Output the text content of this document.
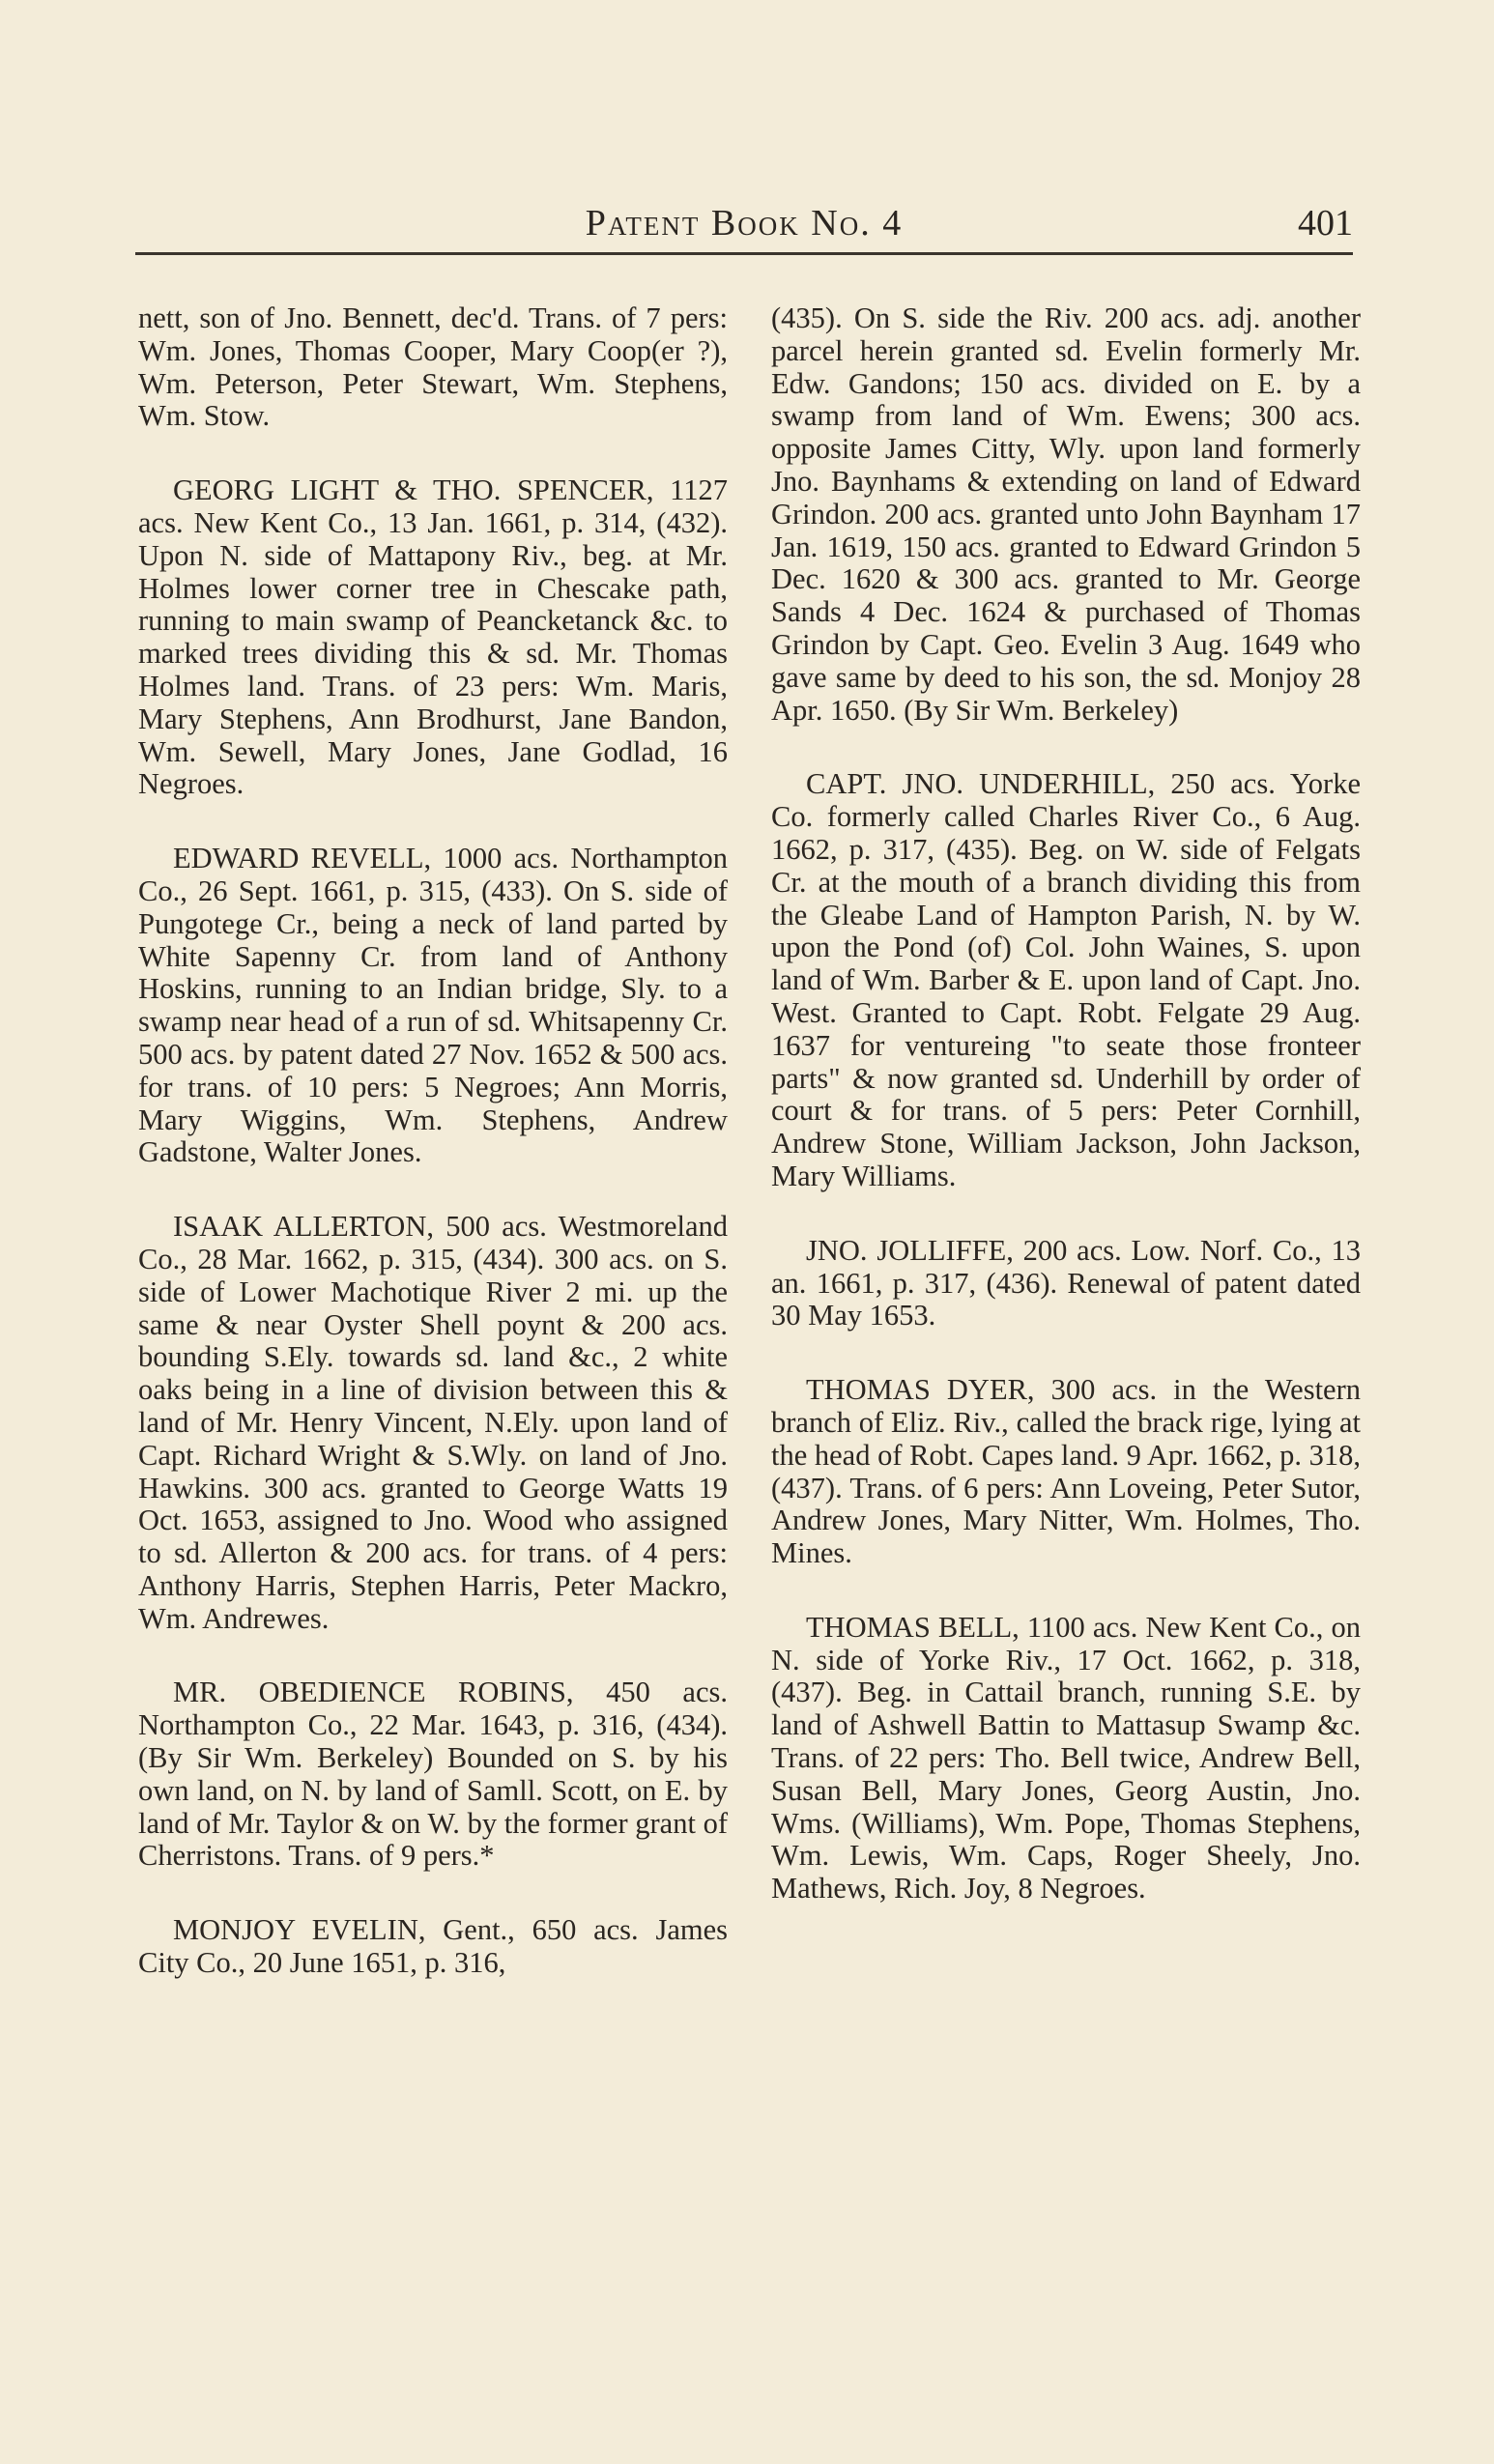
Patent Book No. 4	401

nett, son of Jno. Bennett, dec'd. Trans. of 7 pers: Wm. Jones, Thomas Cooper, Mary Coop(er ?), Wm. Peterson, Peter Stewart, Wm. Stephens, Wm. Stow.

GEORG LIGHT & THO. SPENCER, 1127 acs. New Kent Co., 13 Jan. 1661, p. 314, (432). Upon N. side of Mattapony Riv., beg. at Mr. Holmes lower corner tree in Chescake path, running to main swamp of Peancketanck &c. to marked trees dividing this & sd. Mr. Thomas Holmes land. Trans. of 23 pers: Wm. Maris, Mary Stephens, Ann Brodhurst, Jane Bandon, Wm. Sewell, Mary Jones, Jane Godlad, 16 Negroes.

EDWARD REVELL, 1000 acs. Northampton Co., 26 Sept. 1661, p. 315, (433). On S. side of Pungotege Cr., being a neck of land parted by White Sapenny Cr. from land of Anthony Hoskins, running to an Indian bridge, Sly. to a swamp near head of a run of sd. Whitsapenny Cr. 500 acs. by patent dated 27 Nov. 1652 & 500 acs. for trans. of 10 pers: 5 Negroes; Ann Morris, Mary Wiggins, Wm. Stephens, Andrew Gadstone, Walter Jones.

ISAAK ALLERTON, 500 acs. Westmoreland Co., 28 Mar. 1662, p. 315, (434). 300 acs. on S. side of Lower Machotique River 2 mi. up the same & near Oyster Shell poynt & 200 acs. bounding S.Ely. towards sd. land &c., 2 white oaks being in a line of division between this & land of Mr. Henry Vincent, N.Ely. upon land of Capt. Richard Wright & S.Wly. on land of Jno. Hawkins. 300 acs. granted to George Watts 19 Oct. 1653, assigned to Jno. Wood who assigned to sd. Allerton & 200 acs. for trans. of 4 pers: Anthony Harris, Stephen Harris, Peter Mackro, Wm. Andrewes.

MR. OBEDIENCE ROBINS, 450 acs. Northampton Co., 22 Mar. 1643, p. 316, (434). (By Sir Wm. Berkeley) Bounded on S. by his own land, on N. by land of Samll. Scott, on E. by land of Mr. Taylor & on W. by the former grant of Cherristons. Trans. of 9 pers.*

MONJOY EVELIN, Gent., 650 acs. James City Co., 20 June 1651, p. 316,

(435). On S. side the Riv. 200 acs. adj. another parcel herein granted sd. Evelin formerly Mr. Edw. Gandons; 150 acs. divided on E. by a swamp from land of Wm. Ewens; 300 acs. opposite James Citty, Wly. upon land formerly Jno. Baynhams & extending on land of Edward Grindon. 200 acs. granted unto John Baynham 17 Jan. 1619, 150 acs. granted to Edward Grindon 5 Dec. 1620 & 300 acs. granted to Mr. George Sands 4 Dec. 1624 & purchased of Thomas Grindon by Capt. Geo. Evelin 3 Aug. 1649 who gave same by deed to his son, the sd. Monjoy 28 Apr. 1650. (By Sir Wm. Berkeley)

CAPT. JNO. UNDERHILL, 250 acs. Yorke Co. formerly called Charles River Co., 6 Aug. 1662, p. 317, (435). Beg. on W. side of Felgats Cr. at the mouth of a branch dividing this from the Gleabe Land of Hampton Parish, N. by W. upon the Pond (of) Col. John Waines, S. upon land of Wm. Barber & E. upon land of Capt. Jno. West. Granted to Capt. Robt. Felgate 29 Aug. 1637 for ventureing "to seate those fronteer parts" & now granted sd. Underhill by order of court & for trans. of 5 pers: Peter Cornhill, Andrew Stone, William Jackson, John Jackson, Mary Williams.

JNO. JOLLIFFE, 200 acs. Low. Norf. Co., 13 an. 1661, p. 317, (436). Renewal of patent dated 30 May 1653.

THOMAS DYER, 300 acs. in the Western branch of Eliz. Riv., called the brack rige, lying at the head of Robt. Capes land. 9 Apr. 1662, p. 318, (437). Trans. of 6 pers: Ann Loveing, Peter Sutor, Andrew Jones, Mary Nitter, Wm. Holmes, Tho. Mines.

THOMAS BELL, 1100 acs. New Kent Co., on N. side of Yorke Riv., 17 Oct. 1662, p. 318, (437). Beg. in Cattail branch, running S.E. by land of Ashwell Battin to Mattasup Swamp &c. Trans. of 22 pers: Tho. Bell twice, Andrew Bell, Susan Bell, Mary Jones, Georg Austin, Jno. Wms. (Williams), Wm. Pope, Thomas Stephens, Wm. Lewis, Wm. Caps, Roger Sheely, Jno. Mathews, Rich. Joy, 8 Negroes.
